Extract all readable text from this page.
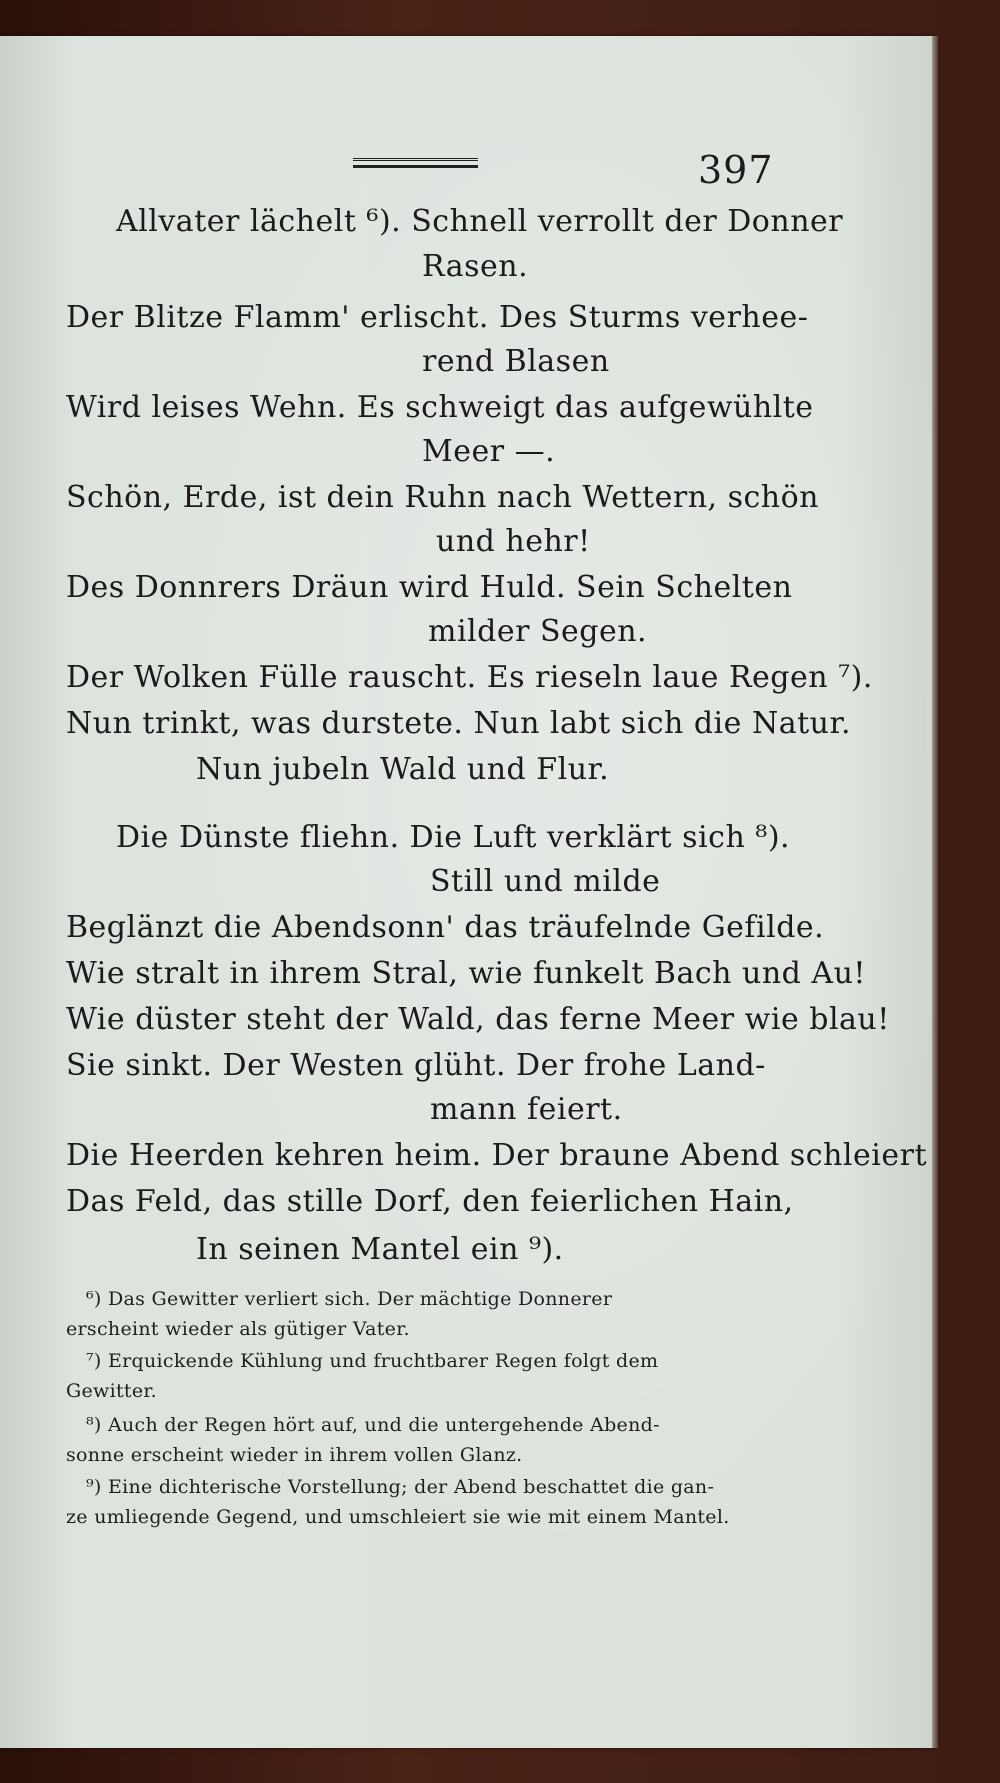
397
Allvater lächelt ⁶). Schnell verrollt der Donner
Rasen.
Der Blitze Flamm' erlischt. Des Sturms verhee-
rend Blasen
Wird leises Wehn. Es schweigt das aufgewühlte
Meer —.
Schön, Erde, ist dein Ruhn nach Wettern, schön
und hehr!
Des Donnrers Dräun wird Huld. Sein Schelten
milder Segen.
Der Wolken Fülle rauscht. Es rieseln laue Regen ⁷).
Nun trinkt, was durstete. Nun labt sich die Natur.
Nun jubeln Wald und Flur.
Die Dünste fliehn. Die Luft verklärt sich ⁸).
Still und milde
Beglänzt die Abendsonn' das träufelnde Gefilde.
Wie stralt in ihrem Stral, wie funkelt Bach und Au!
Wie düster steht der Wald, das ferne Meer wie blau!
Sie sinkt. Der Westen glüht. Der frohe Land-
mann feiert.
Die Heerden kehren heim. Der braune Abend schleiert
Das Feld, das stille Dorf, den feierlichen Hain,
In seinen Mantel ein ⁹).
⁶) Das Gewitter verliert sich. Der mächtige Donnerer
erscheint wieder als gütiger Vater.
⁷) Erquickende Kühlung und fruchtbarer Regen folgt dem
Gewitter.
⁸) Auch der Regen hört auf, und die untergehende Abend-
sonne erscheint wieder in ihrem vollen Glanz.
⁹) Eine dichterische Vorstellung; der Abend beschattet die gan-
ze umliegende Gegend, und umschleiert sie wie mit einem Mantel.
